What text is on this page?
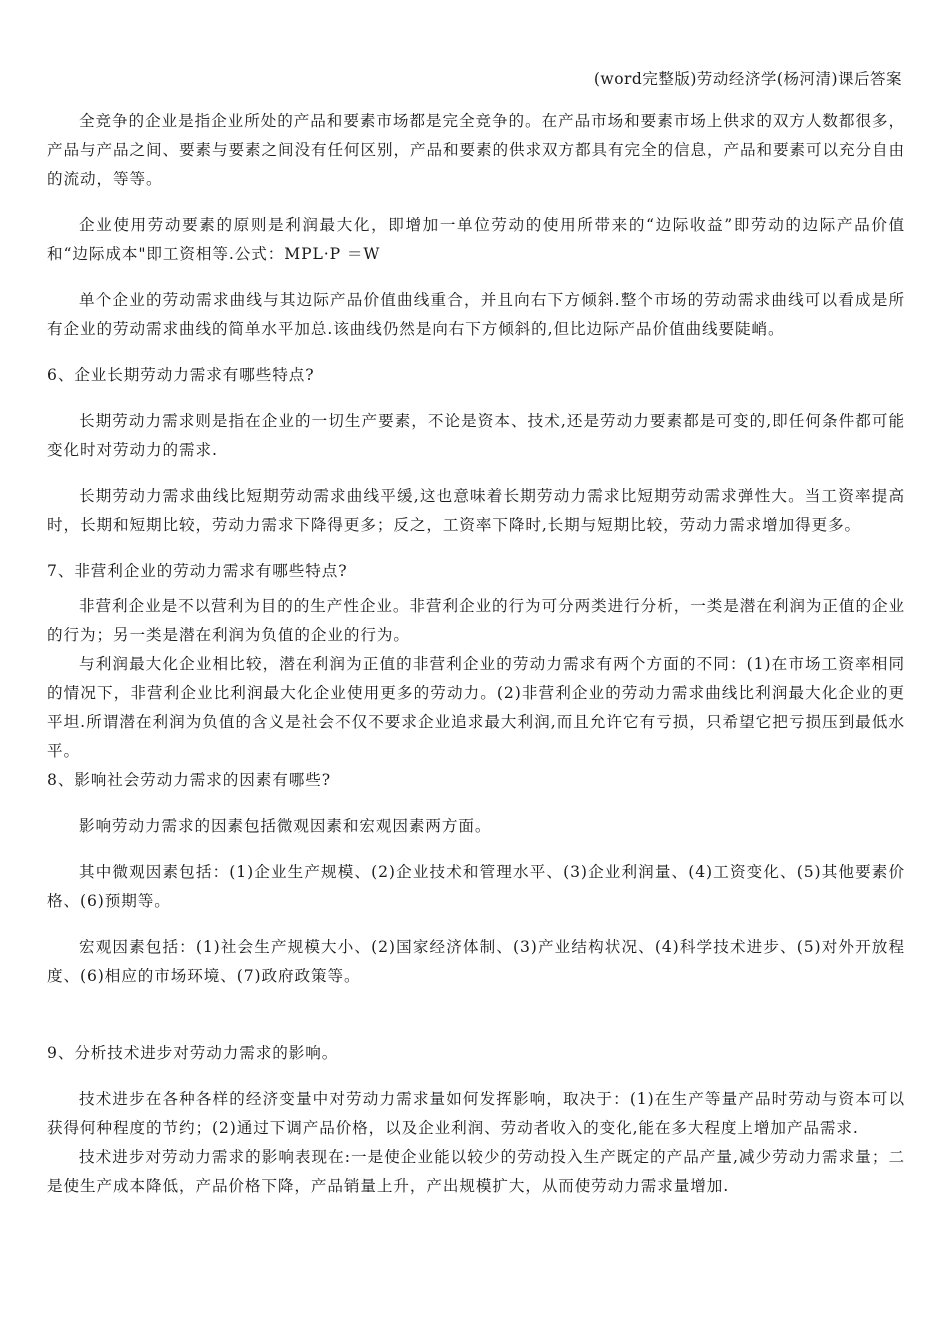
(word完整版)劳动经济学(杨河清)课后答案

全竞争的企业是指企业所处的产品和要素市场都是完全竞争的。在产品市场和要素市场上供求的双方人数都很多，产品与产品之间、要素与要素之间没有任何区别，产品和要素的供求双方都具有完全的信息，产品和要素可以充分自由的流动，等等。

企业使用劳动要素的原则是利润最大化，即增加一单位劳动的使用所带来的“边际收益”即劳动的边际产品价值和“边际成本"即工资相等.公式：MPL·P ＝W

单个企业的劳动需求曲线与其边际产品价值曲线重合，并且向右下方倾斜.整个市场的劳动需求曲线可以看成是所有企业的劳动需求曲线的简单水平加总.该曲线仍然是向右下方倾斜的,但比边际产品价值曲线要陡峭。

6、企业长期劳动力需求有哪些特点?

长期劳动力需求则是指在企业的一切生产要素，不论是资本、技术,还是劳动力要素都是可变的,即任何条件都可能变化时对劳动力的需求.

长期劳动力需求曲线比短期劳动需求曲线平缓,这也意味着长期劳动力需求比短期劳动需求弹性大。当工资率提高时，长期和短期比较，劳动力需求下降得更多；反之，工资率下降时,长期与短期比较，劳动力需求增加得更多。

7、非营利企业的劳动力需求有哪些特点?

非营利企业是不以营利为目的的生产性企业。非营利企业的行为可分两类进行分析，一类是潜在利润为正值的企业的行为；另一类是潜在利润为负值的企业的行为。

与利润最大化企业相比较，潜在利润为正值的非营利企业的劳动力需求有两个方面的不同：(1)在市场工资率相同的情况下，非营利企业比利润最大化企业使用更多的劳动力。(2)非营利企业的劳动力需求曲线比利润最大化企业的更平坦.所谓潜在利润为负值的含义是社会不仅不要求企业追求最大利润,而且允许它有亏损，只希望它把亏损压到最低水平。

8、影响社会劳动力需求的因素有哪些?

影响劳动力需求的因素包括微观因素和宏观因素两方面。

其中微观因素包括：(1)企业生产规模、(2)企业技术和管理水平、(3)企业利润量、(4)工资变化、(5)其他要素价格、(6)预期等。

宏观因素包括：(1)社会生产规模大小、(2)国家经济体制、(3)产业结构状况、(4)科学技术进步、(5)对外开放程度、(6)相应的市场环境、(7)政府政策等。

9、分析技术进步对劳动力需求的影响。

技术进步在各种各样的经济变量中对劳动力需求量如何发挥影响，取决于：(1)在生产等量产品时劳动与资本可以获得何种程度的节约；(2)通过下调产品价格，以及企业利润、劳动者收入的变化,能在多大程度上增加产品需求.

技术进步对劳动力需求的影响表现在:一是使企业能以较少的劳动投入生产既定的产品产量,减少劳动力需求量；二是使生产成本降低，产品价格下降，产品销量上升，产出规模扩大，从而使劳动力需求量增加.
